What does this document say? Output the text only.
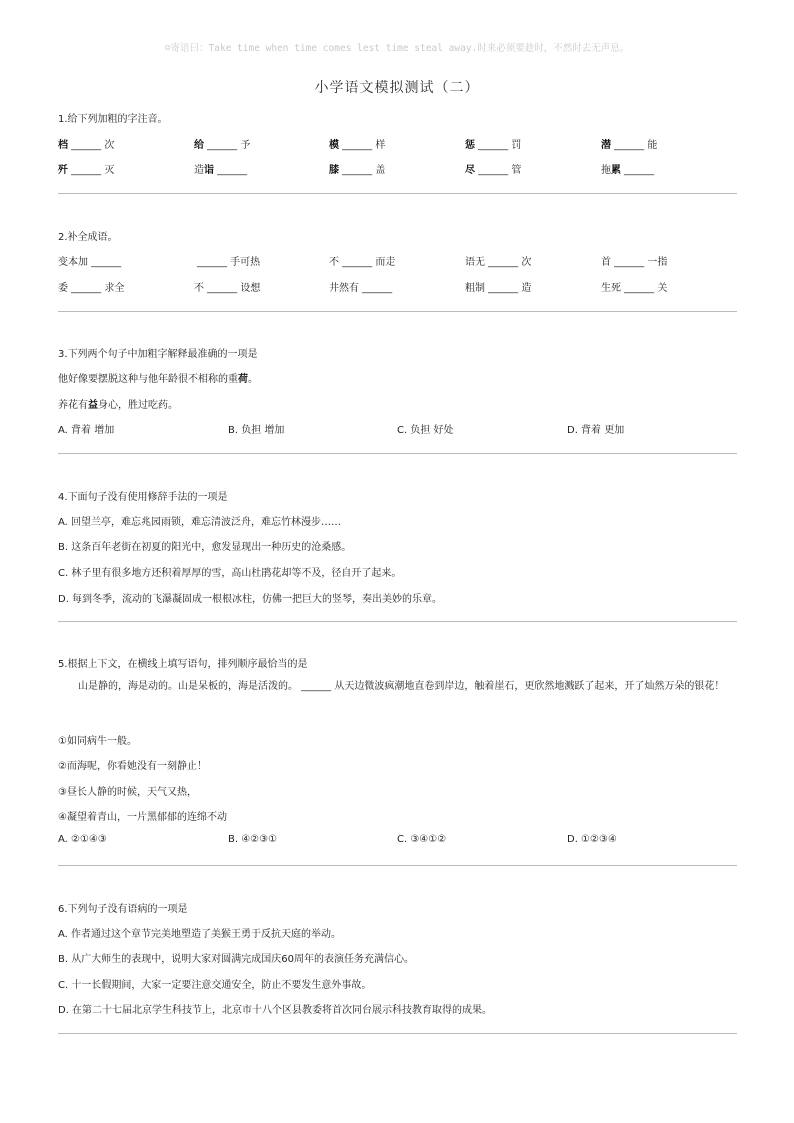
☺寄语曰：Take time when time comes lest time steal away.时来必须要趁时，不然时去无声息。
小学语文模拟测试（二）
1.给下列加粗的字注音。
档 ______ 次	给 ______ 予	模 ______ 样	惩 ______ 罚	潜 ______ 能
歼 ______ 灭	造诣 ______	膝 ______ 盖	尽 ______ 管	拖累 ______
2.补全成语。
变本加 ______	______ 手可热	不 ______ 而走	语无 ______ 次	首 ______ 一指
委 ______ 求全	不 ______ 设想	井然有 ______	粗制 ______ 造	生死 ______ 关
3.下列两个句子中加粗字解释最准确的一项是
他好像要摆脱这种与他年龄很不相称的重荷。
养花有益身心，胜过吃药。
A. 背着 增加	B. 负担 增加	C. 负担 好处	D. 背着 更加
4.下面句子没有使用修辞手法的一项是
A. 回望兰亭，难忘兆园雨锁，难忘清波泛舟，难忘竹林漫步……
B. 这条百年老街在初夏的阳光中，愈发显现出一种历史的沧桑感。
C. 林子里有很多地方还积着厚厚的雪，高山杜鹃花却等不及，径自开了起来。
D. 每到冬季，流动的飞瀑凝固成一根根冰柱，仿佛一把巨大的竖琴，奏出美妙的乐章。
5.根据上下文，在横线上填写语句，排列顺序最恰当的是
山是静的，海是动的。山是呆板的，海是活泼的。 ______ 从天边微波疯潮地直卷到岸边，触着崖石，更欣然地溅跃了起来，开了灿然万朵的银花！
①如同病牛一般。
②而海呢，你看她没有一刻静止！
③昼长人静的时候，天气又热，
④凝望着青山，一片黑郁郁的连绵不动
A. ②①④③	B. ④②③①	C. ③④①②	D. ①②③④
6.下列句子没有语病的一项是
A. 作者通过这个章节完美地塑造了美猴王勇于反抗天庭的举动。
B. 从广大师生的表现中，说明大家对圆满完成国庆60周年的表演任务充满信心。
C. 十一长假期间，大家一定要注意交通安全，防止不要发生意外事故。
D. 在第二十七届北京学生科技节上，北京市十八个区县教委将首次同台展示科技教育取得的成果。
